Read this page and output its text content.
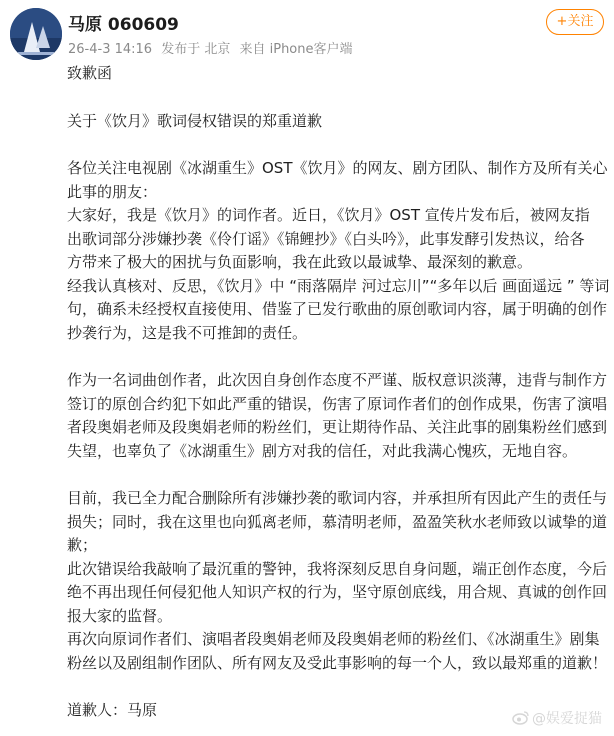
马原 060609
26-4-3 14:16 发布于 北京 来自 iPhone客户端
+关注

致歉函

关于《饮月》歌词侵权错误的郑重道歉

各位关注电视剧《冰湖重生》OST《饮月》的网友、剧方团队、制作方及所有关心

此事的朋友：

大家好，我是《饮月》的词作者。近日，《饮月》OST 宣传片发布后，被网友指

出歌词部分涉嫌抄袭《伶仃谣》《锦鲤抄》《白头吟》，此事发酵引发热议，给各

方带来了极大的困扰与负面影响，我在此致以最诚挚、最深刻的歉意。

经我认真核对、反思，《饮月》中 “雨落隔岸 河过忘川”“多年以后 画面遥远 ” 等词

句，确系未经授权直接使用、借鉴了已发行歌曲的原创歌词内容，属于明确的创作

抄袭行为，这是我不可推卸的责任。

作为一名词曲创作者，此次因自身创作态度不严谨、版权意识淡薄，违背与制作方

签订的原创合约犯下如此严重的错误，伤害了原词作者们的创作成果，伤害了演唱

者段奥娟老师及段奥娟老师的粉丝们，更让期待作品、关注此事的剧集粉丝们感到

失望，也辜负了《冰湖重生》剧方对我的信任，对此我满心愧疚，无地自容。

目前，我已全力配合删除所有涉嫌抄袭的歌词内容，并承担所有因此产生的责任与

损失；同时，我在这里也向狐离老师，慕清明老师，盈盈笑秋水老师致以诚挚的道

歉；

此次错误给我敲响了最沉重的警钟，我将深刻反思自身问题，端正创作态度，今后

绝不再出现任何侵犯他人知识产权的行为，坚守原创底线，用合规、真诚的创作回

报大家的监督。

再次向原词作者们、演唱者段奥娟老师及段奥娟老师的粉丝们、《冰湖重生》剧集

粉丝以及剧组制作团队、所有网友及受此事影响的每一个人，致以最郑重的道歉！

道歉人：马原	@娱爱捉猫
